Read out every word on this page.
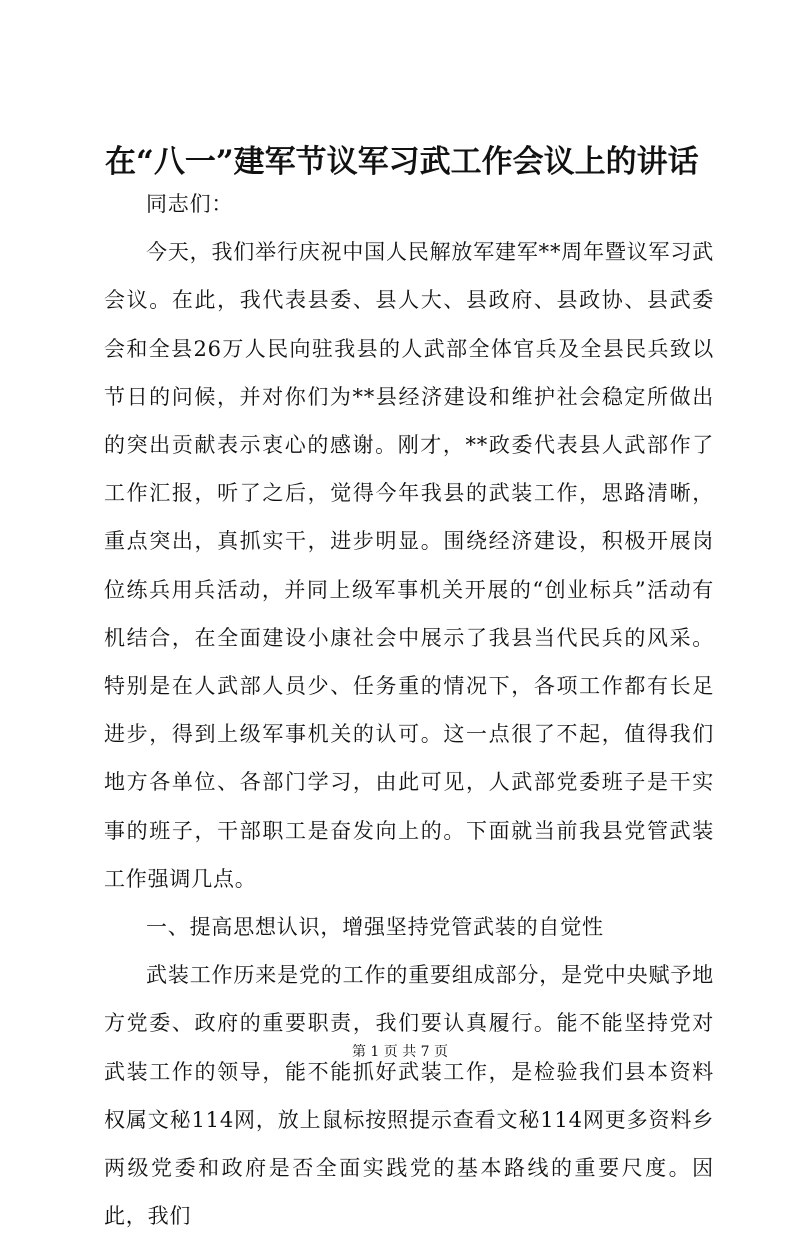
在“八一”建军节议军习武工作会议上的讲话

同志们：

今天，我们举行庆祝中国人民解放军建军**周年暨议军习武会议。在此，我代表县委、县人大、县政府、县政协、县武委会和全县26万人民向驻我县的人武部全体官兵及全县民兵致以节日的问候，并对你们为**县经济建设和维护社会稳定所做出的突出贡献表示衷心的感谢。刚才，**政委代表县人武部作了工作汇报，听了之后，觉得今年我县的武装工作，思路清晰，重点突出，真抓实干，进步明显。围绕经济建设，积极开展岗位练兵用兵活动，并同上级军事机关开展的“创业标兵”活动有机结合，在全面建设小康社会中展示了我县当代民兵的风采。特别是在人武部人员少、任务重的情况下，各项工作都有长足进步，得到上级军事机关的认可。这一点很了不起，值得我们地方各单位、各部门学习，由此可见，人武部党委班子是干实事的班子，干部职工是奋发向上的。下面就当前我县党管武装工作强调几点。

一、提高思想认识，增强坚持党管武装的自觉性

武装工作历来是党的工作的重要组成部分，是党中央赋予地方党委、政府的重要职责，我们要认真履行。能不能坚持党对武装工作的领导，能不能抓好武装工作，是检验我们县本资料权属文秘114网，放上鼠标按照提示查看文秘114网更多资料乡两级党委和政府是否全面实践党的基本路线的重要尺度。因此，我们

第 1 页 共 7 页
